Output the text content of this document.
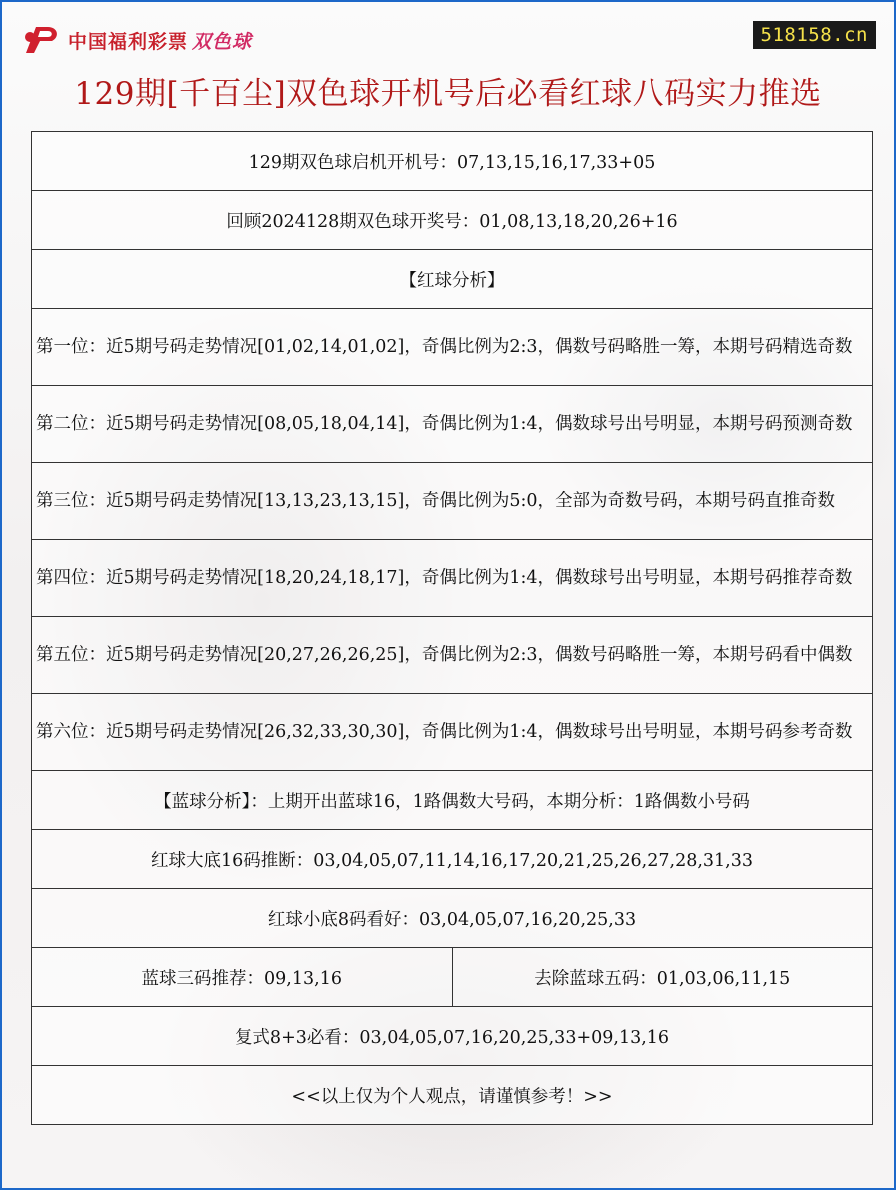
中国福利彩票 双色球	518158.cn
129期[千百尘]双色球开机号后必看红球八码实力推选
129期双色球启机开机号：07,13,15,16,17,33+05
回顾2024128期双色球开奖号：01,08,13,18,20,26+16
【红球分析】
第一位：近5期号码走势情况[01,02,14,01,02]，奇偶比例为2:3，偶数号码略胜一筹，本期号码精选奇数
第二位：近5期号码走势情况[08,05,18,04,14]，奇偶比例为1:4，偶数球号出号明显，本期号码预测奇数
第三位：近5期号码走势情况[13,13,23,13,15]，奇偶比例为5:0，全部为奇数号码，本期号码直推奇数
第四位：近5期号码走势情况[18,20,24,18,17]，奇偶比例为1:4，偶数球号出号明显，本期号码推荐奇数
第五位：近5期号码走势情况[20,27,26,26,25]，奇偶比例为2:3，偶数号码略胜一筹，本期号码看中偶数
第六位：近5期号码走势情况[26,32,33,30,30]，奇偶比例为1:4，偶数球号出号明显，本期号码参考奇数
【蓝球分析】：上期开出蓝球16，1路偶数大号码，本期分析：1路偶数小号码
红球大底16码推断：03,04,05,07,11,14,16,17,20,21,25,26,27,28,31,33
红球小底8码看好：03,04,05,07,16,20,25,33
蓝球三码推荐：09,13,16	去除蓝球五码：01,03,06,11,15
复式8+3必看：03,04,05,07,16,20,25,33+09,13,16
<<以上仅为个人观点，请谨慎参考！>>
